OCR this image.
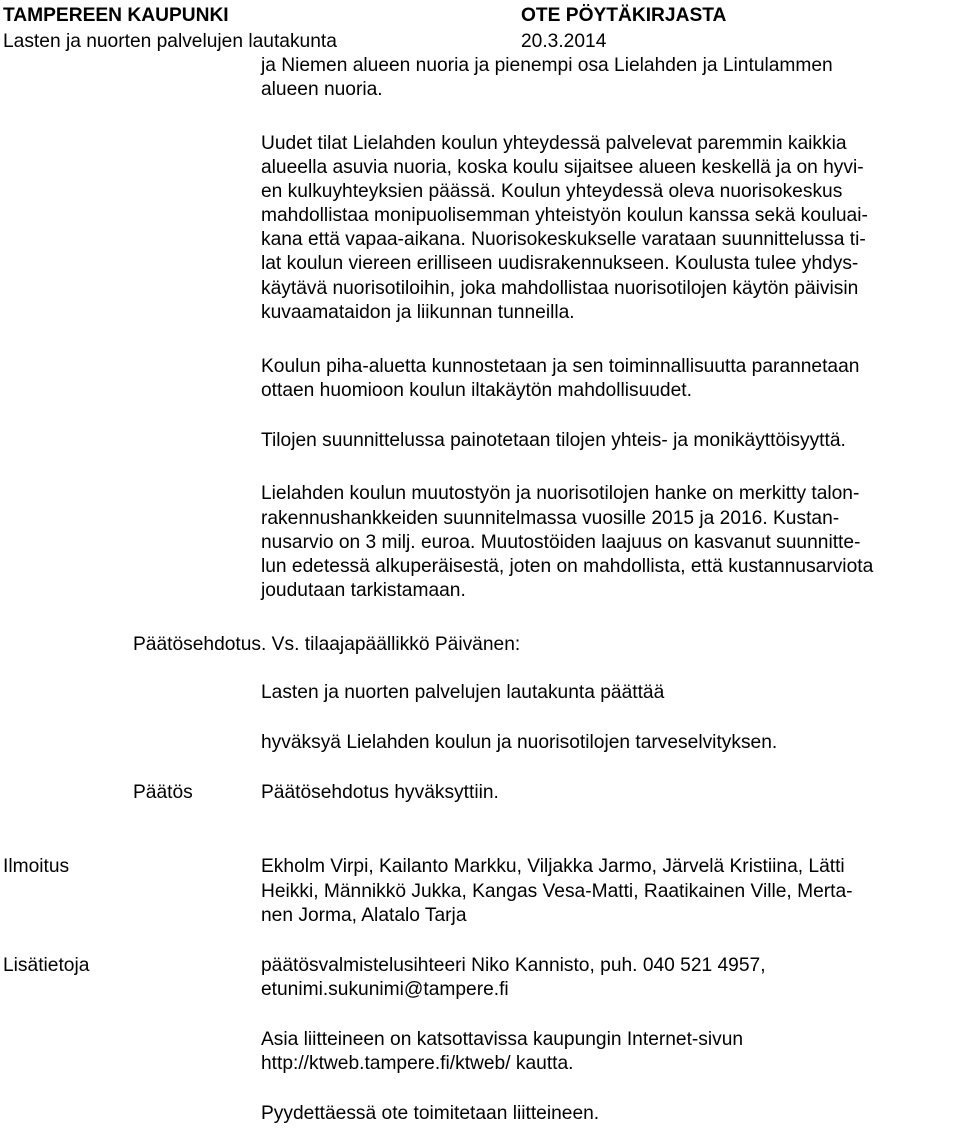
TAMPEREEN KAUPUNKI	OTE PÖYTÄKIRJASTA
Lasten ja nuorten palvelujen lautakunta	20.3.2014
ja Niemen alueen nuoria ja pienempi osa Lielahden ja Lintulammen
alueen nuoria.
Uudet tilat Lielahden koulun yhteydessä palvelevat paremmin kaikkia
alueella asuvia nuoria, koska koulu sijaitsee alueen keskellä ja on hyvi-
en kulkuyhteyksien päässä. Koulun yhteydessä oleva nuorisokeskus
mahdollistaa monipuolisemman yhteistyön koulun kanssa sekä kouluai-
kana että vapaa-aikana. Nuorisokeskukselle varataan suunnittelussa ti-
lat koulun viereen erilliseen uudisrakennukseen. Koulusta tulee yhdys-
käytävä nuorisotiloihin, joka mahdollistaa nuorisotilojen käytön päivisin
kuvaamataidon ja liikunnan tunneilla.
Koulun piha-aluetta kunnostetaan ja sen toiminnallisuutta parannetaan
ottaen huomioon koulun iltakäytön mahdollisuudet.
Tilojen suunnittelussa painotetaan tilojen yhteis- ja monikäyttöisyyttä.
Lielahden koulun muutostyön ja nuorisotilojen hanke on merkitty talon-
rakennushankkeiden suunnitelmassa vuosille 2015 ja 2016. Kustan-
nusarvio on 3 milj. euroa. Muutostöiden laajuus on kasvanut suunnitte-
lun edetessä alkuperäisestä, joten on mahdollista, että kustannusarviota
joudutaan tarkistamaan.
Päätösehdotus. Vs. tilaajapäällikkö Päivänen:
Lasten ja nuorten palvelujen lautakunta päättää
hyväksyä Lielahden koulun ja nuorisotilojen tarveselvityksen.
Päätös	Päätösehdotus hyväksyttiin.
Ilmoitus	Ekholm Virpi, Kailanto Markku, Viljakka Jarmo, Järvelä Kristiina, Lätti
Heikki, Männikkö Jukka, Kangas Vesa-Matti, Raatikainen Ville, Merta-
nen Jorma, Alatalo Tarja
Lisätietoja	päätösvalmistelusihteeri Niko Kannisto, puh. 040 521 4957,
etunimi.sukunimi@tampere.fi
Asia liitteineen on katsottavissa kaupungin Internet-sivun
http://ktweb.tampere.fi/ktweb/ kautta.
Pyydettäessä ote toimitetaan liitteineen.
